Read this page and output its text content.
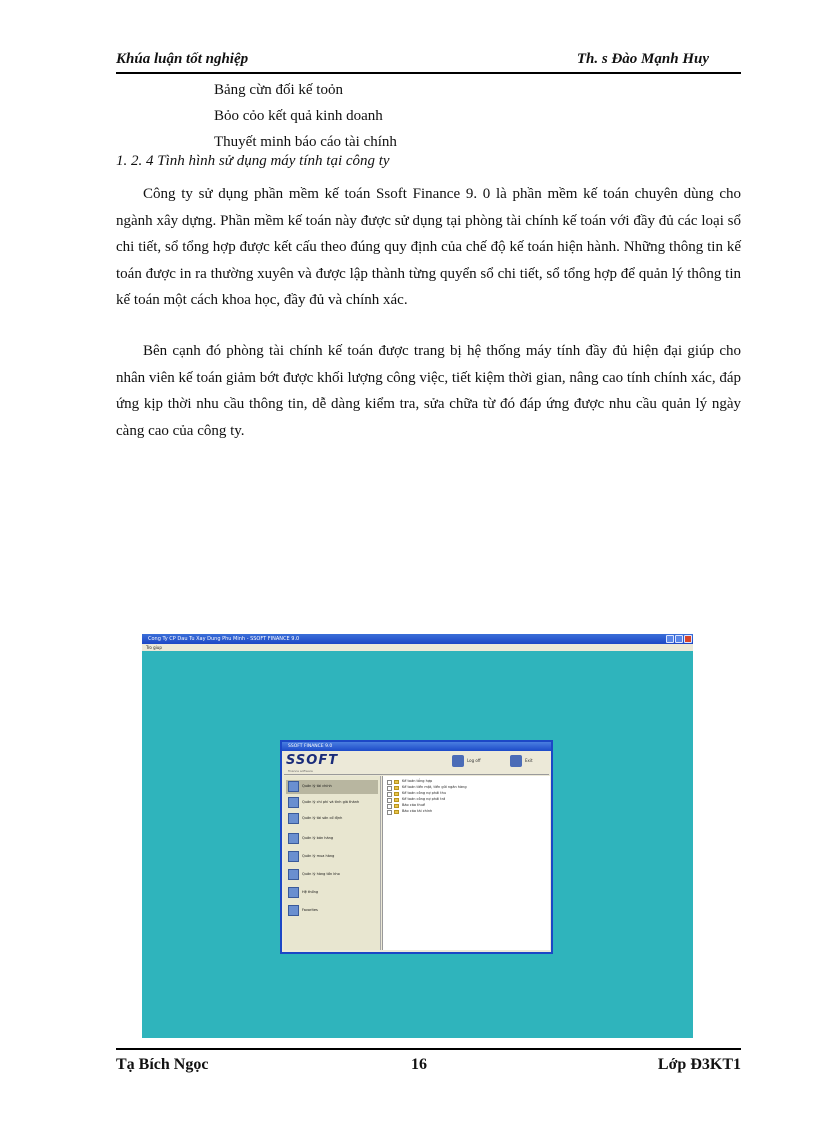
Khúa luận tốt nghiệp	Th. s Đào Mạnh Huy
Bảng cừn đối kế toỏn
Bỏo cỏo kết quả kinh doanh
Thuyết minh báo cáo tài chính
1. 2. 4 Tình hình sử dụng máy tính tại công ty

Công ty sử dụng phần mềm kế toán Ssoft Finance 9. 0 là phần mềm kế toán chuyên dùng cho ngành xây dựng. Phần mềm kế toán này được sử dụng tại phòng tài chính kế toán với đầy đủ các loại sổ chi tiết, sổ tổng hợp được kết cấu theo đúng quy định của chế độ kế toán hiện hành. Những thông tin kế toán được in ra thường xuyên và được lập thành từng quyển sổ chi tiết, sổ tổng hợp để quản lý thông tin kế toán một cách khoa học, đầy đủ và chính xác.

Bên cạnh đó phòng tài chính kế toán được trang bị hệ thống máy tính đầy đủ hiện đại giúp cho nhân viên kế toán giảm bớt được khối lượng công việc, tiết kiệm thời gian, nâng cao tính chính xác, đáp ứng kịp thời nhu cầu thông tin, dễ dàng kiểm tra, sửa chữa từ đó đáp ứng được nhu cầu quản lý ngày càng cao của công ty.

Cong Ty CP Dau Tu Xay Dung Phu Minh - SSOFT FINANCE 9.0
Tro giup
SSOFT FINANCE 9.0
SSOFT
finance software
Log off	Exit
Quản lý tài chính
Quản lý chi phí và tính giá thành
Quản lý tài sản cố định
Quản lý bán hàng
Quản lý mua hàng
Quản lý hàng tồn kho
Hệ thống
Favorites
Kế toán tổng hợp
Kế toán tiền mặt, tiền gửi ngân hàng
Kế toán công nợ phải thu
Kế toán công nợ phải trả
Báo cáo thuế
Báo cáo tài chính
Tạ Bích Ngọc	16	Lớp Đ3KT1
